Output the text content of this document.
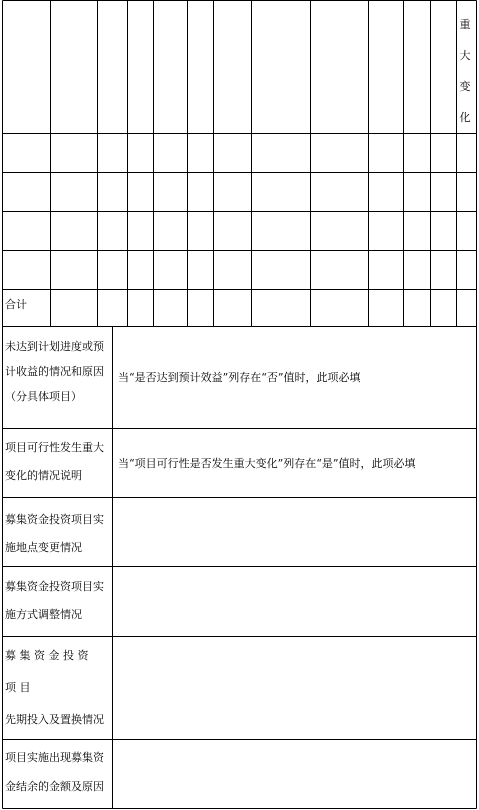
重
大
变
化
合计
未达到计划进度或预
计收益的情况和原因
（分具体项目）
当“是否达到预计效益”列存在“否”值时，此项必填
项目可行性发生重大
变化的情况说明
当“项目可行性是否发生重大变化”列存在“是”值时，此项必填
募集资金投资项目实
施地点变更情况
募集资金投资项目实
施方式调整情况
募 集 资 金 投 资
项 目
先期投入及置换情况
项目实施出现募集资
金结余的金额及原因
